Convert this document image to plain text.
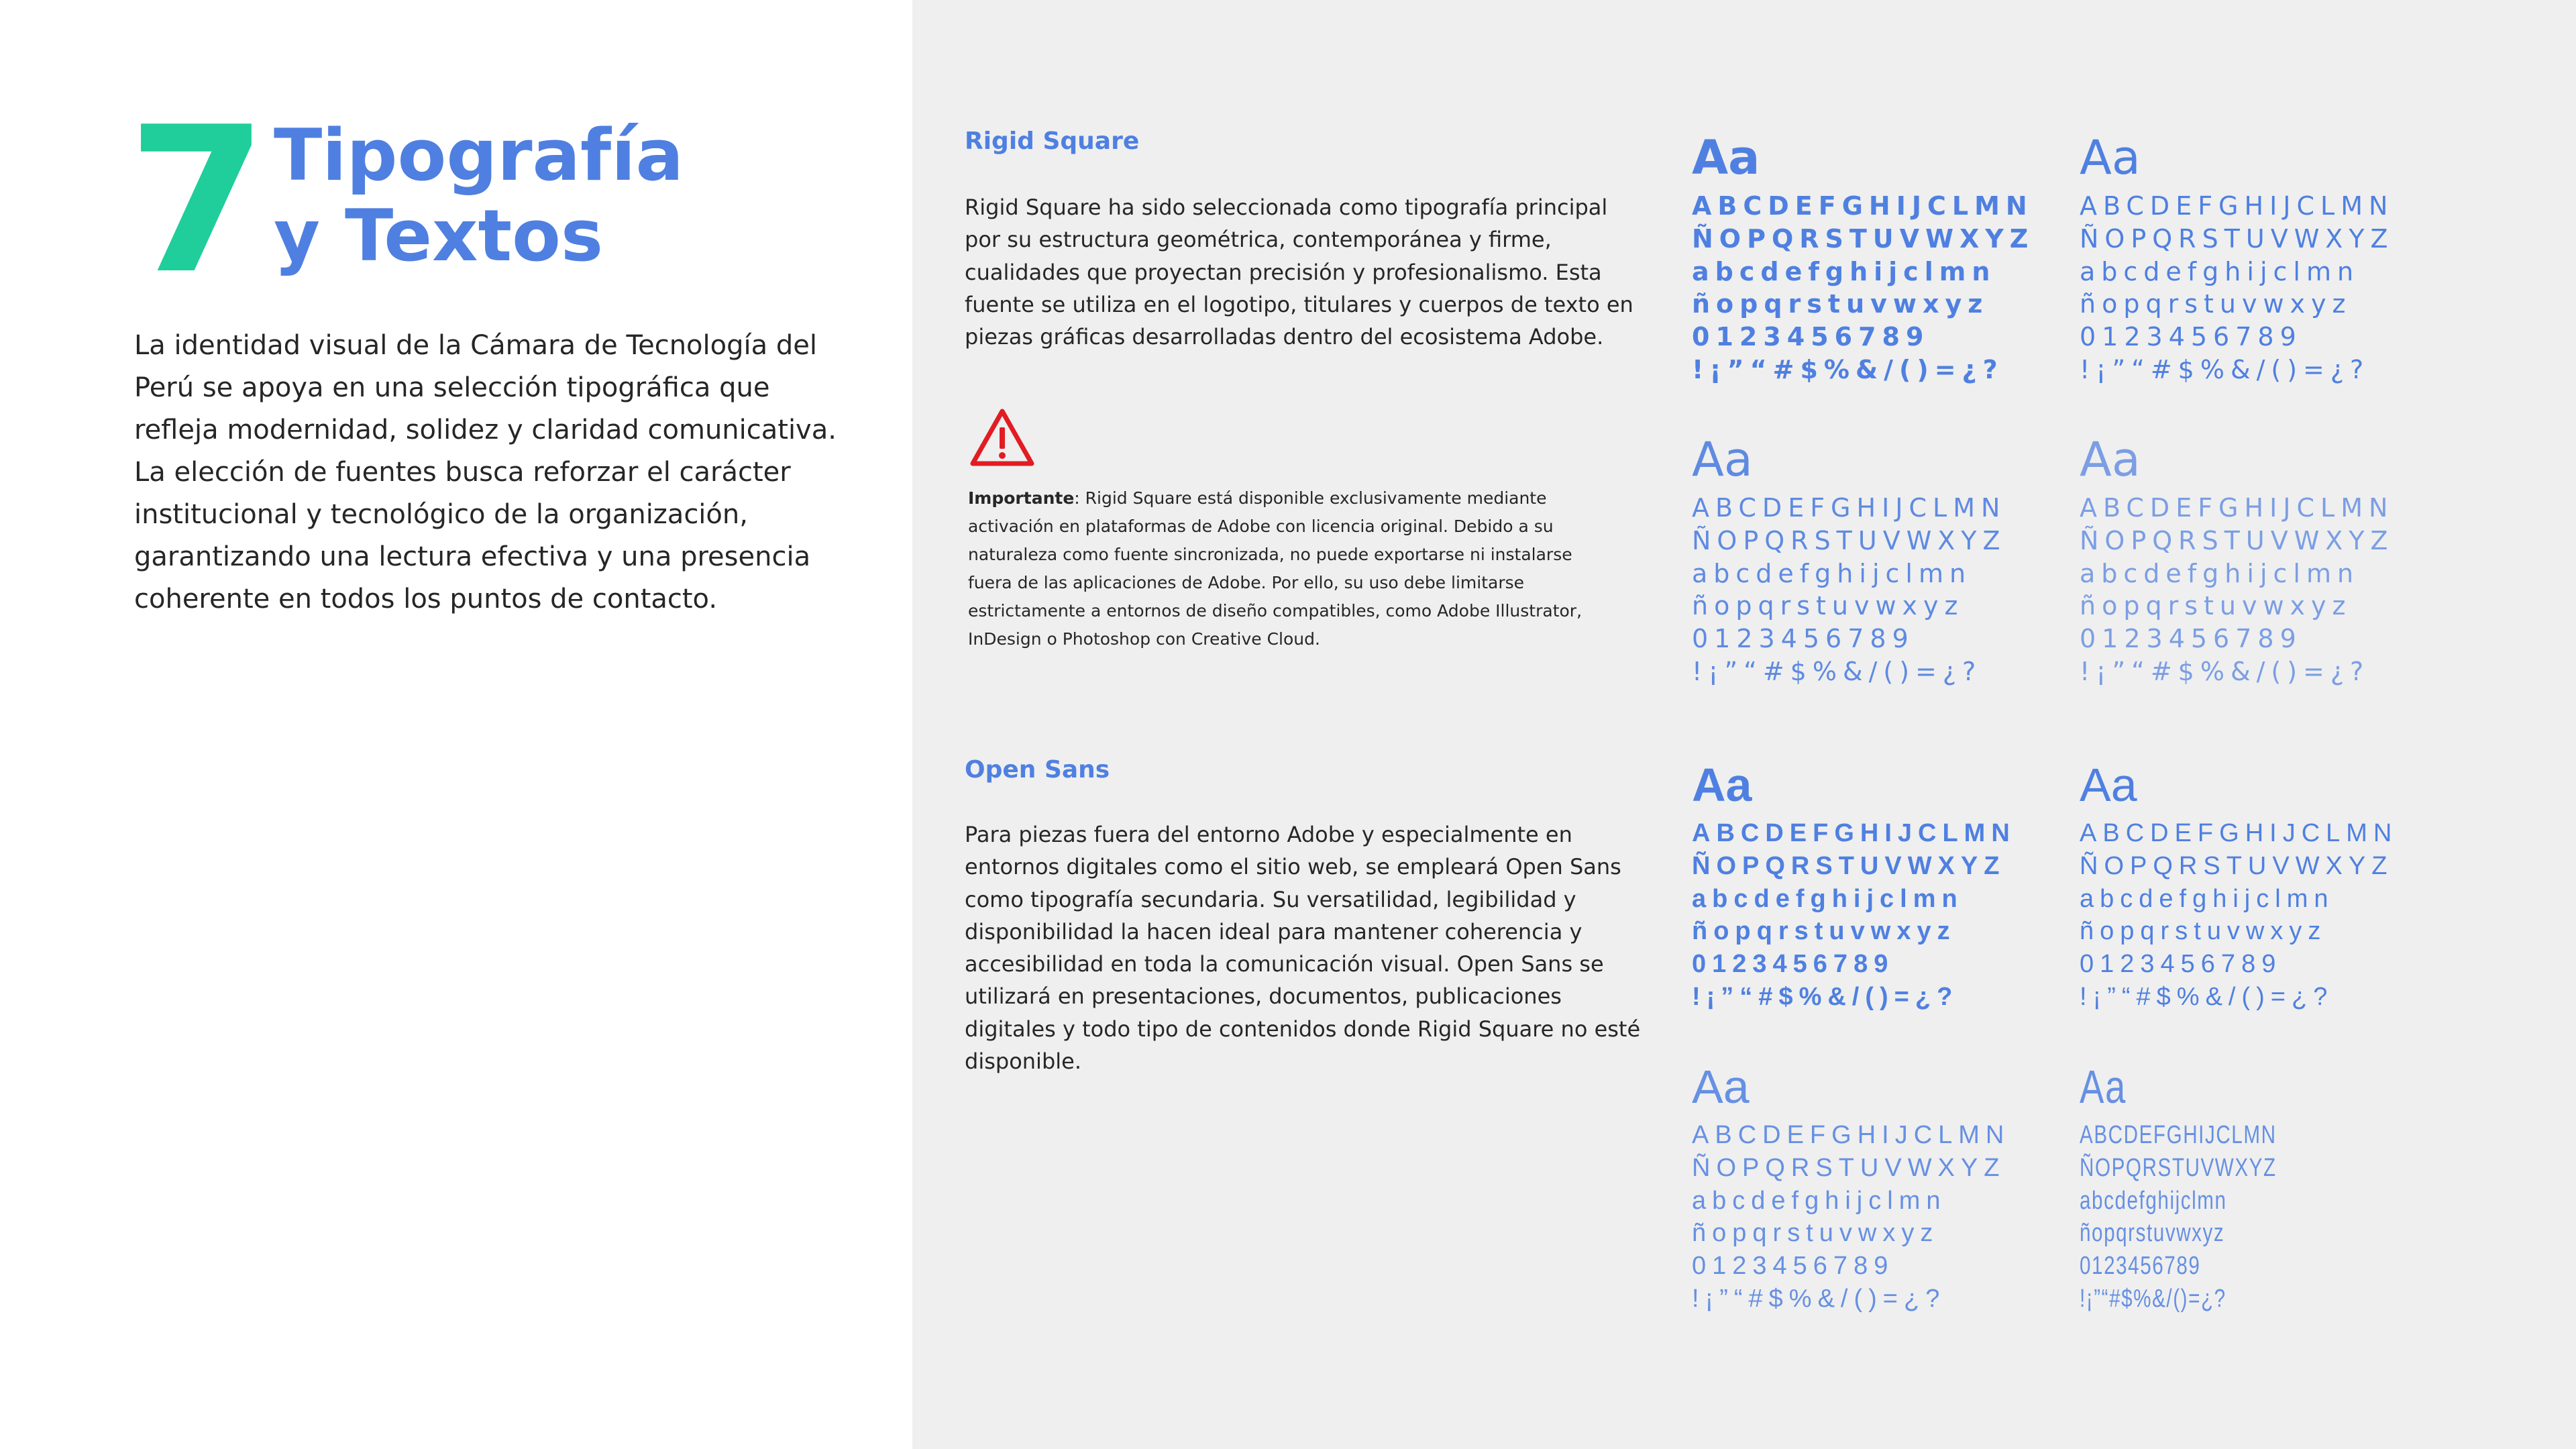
7 Tipografía
y Textos
La identidad visual de la Cámara de Tecnología del Perú se apoya en una selección tipográfica que refleja modernidad, solidez y claridad comunicativa. La elección de fuentes busca reforzar el carácter institucional y tecnológico de la organización, garantizando una lectura efectiva y una presencia coherente en todos los puntos de contacto.
Rigid Square
Rigid Square ha sido seleccionada como tipografía principal por su estructura geométrica, contemporánea y firme, cualidades que proyectan precisión y profesionalismo. Esta fuente se utiliza en el logotipo, titulares y cuerpos de texto en piezas gráficas desarrolladas dentro del ecosistema Adobe.
Importante: Rigid Square está disponible exclusivamente mediante activación en plataformas de Adobe con licencia original. Debido a su naturaleza como fuente sincronizada, no puede exportarse ni instalarse fuera de las aplicaciones de Adobe. Por ello, su uso debe limitarse estrictamente a entornos de diseño compatibles, como Adobe Illustrator, InDesign o Photoshop con Creative Cloud.
Open Sans
Para piezas fuera del entorno Adobe y especialmente en entornos digitales como el sitio web, se empleará Open Sans como tipografía secundaria. Su versatilidad, legibilidad y disponibilidad la hacen ideal para mantener coherencia y accesibilidad en toda la comunicación visual. Open Sans se utilizará en presentaciones, documentos, publicaciones digitales y todo tipo de contenidos donde Rigid Square no esté disponible.
Aa
ABCDEFGHIJCLMN
ÑOPQRSTUVWXYZ
abcdefghijclmn
ñopqrstuvwxyz
0123456789
!¡”“#$%&/()=¿?
Aa
ABCDEFGHIJCLMN
ÑOPQRSTUVWXYZ
abcdefghijclmn
ñopqrstuvwxyz
0123456789
!¡”“#$%&/()=¿?
Aa
ABCDEFGHIJCLMN
ÑOPQRSTUVWXYZ
abcdefghijclmn
ñopqrstuvwxyz
0123456789
!¡”“#$%&/()=¿?
Aa
ABCDEFGHIJCLMN
ÑOPQRSTUVWXYZ
abcdefghijclmn
ñopqrstuvwxyz
0123456789
!¡”“#$%&/()=¿?
Aa
ABCDEFGHIJCLMN
ÑOPQRSTUVWXYZ
abcdefghijclmn
ñopqrstuvwxyz
0123456789
!¡”“#$%&/()=¿?
Aa
ABCDEFGHIJCLMN
ÑOPQRSTUVWXYZ
abcdefghijclmn
ñopqrstuvwxyz
0123456789
!¡”“#$%&/()=¿?
Aa
ABCDEFGHIJCLMN
ÑOPQRSTUVWXYZ
abcdefghijclmn
ñopqrstuvwxyz
0123456789
!¡”“#$%&/()=¿?
Aa
ABCDEFGHIJCLMN
ÑOPQRSTUVWXYZ
abcdefghijclmn
ñopqrstuvwxyz
0123456789
!¡”“#$%&/()=¿?
